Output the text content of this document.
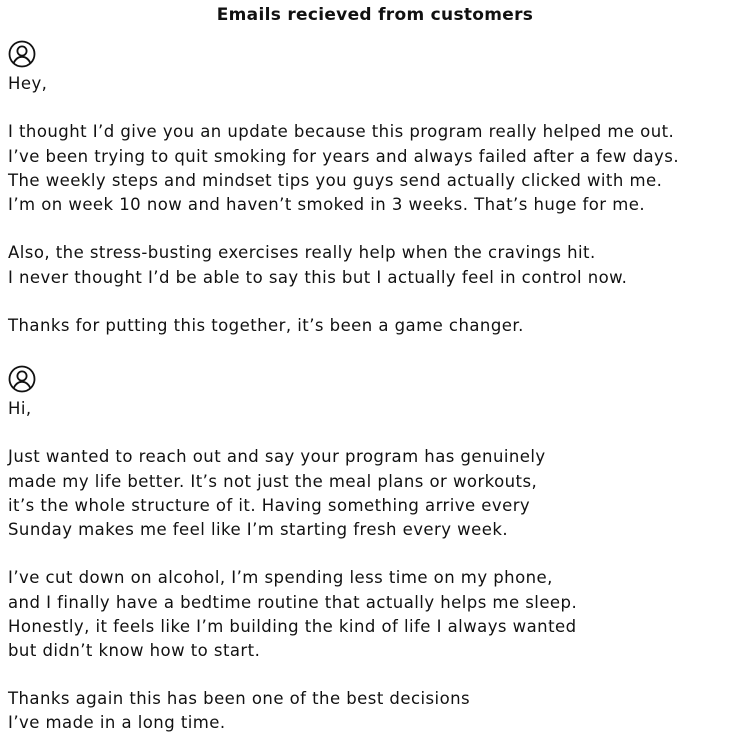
Emails recieved from customers
Hey,
I thought I’d give you an update because this program really helped me out.
I’ve been trying to quit smoking for years and always failed after a few days.
The weekly steps and mindset tips you guys send actually clicked with me.
I’m on week 10 now and haven’t smoked in 3 weeks. That’s huge for me.
Also, the stress-busting exercises really help when the cravings hit.
I never thought I’d be able to say this but I actually feel in control now.
Thanks for putting this together, it’s been a game changer.
Hi,
Just wanted to reach out and say your program has genuinely
made my life better. It’s not just the meal plans or workouts,
it’s the whole structure of it. Having something arrive every
Sunday makes me feel like I’m starting fresh every week.
I’ve cut down on alcohol, I’m spending less time on my phone,
and I finally have a bedtime routine that actually helps me sleep.
Honestly, it feels like I’m building the kind of life I always wanted
but didn’t know how to start.
Thanks again this has been one of the best decisions
I’ve made in a long time.
